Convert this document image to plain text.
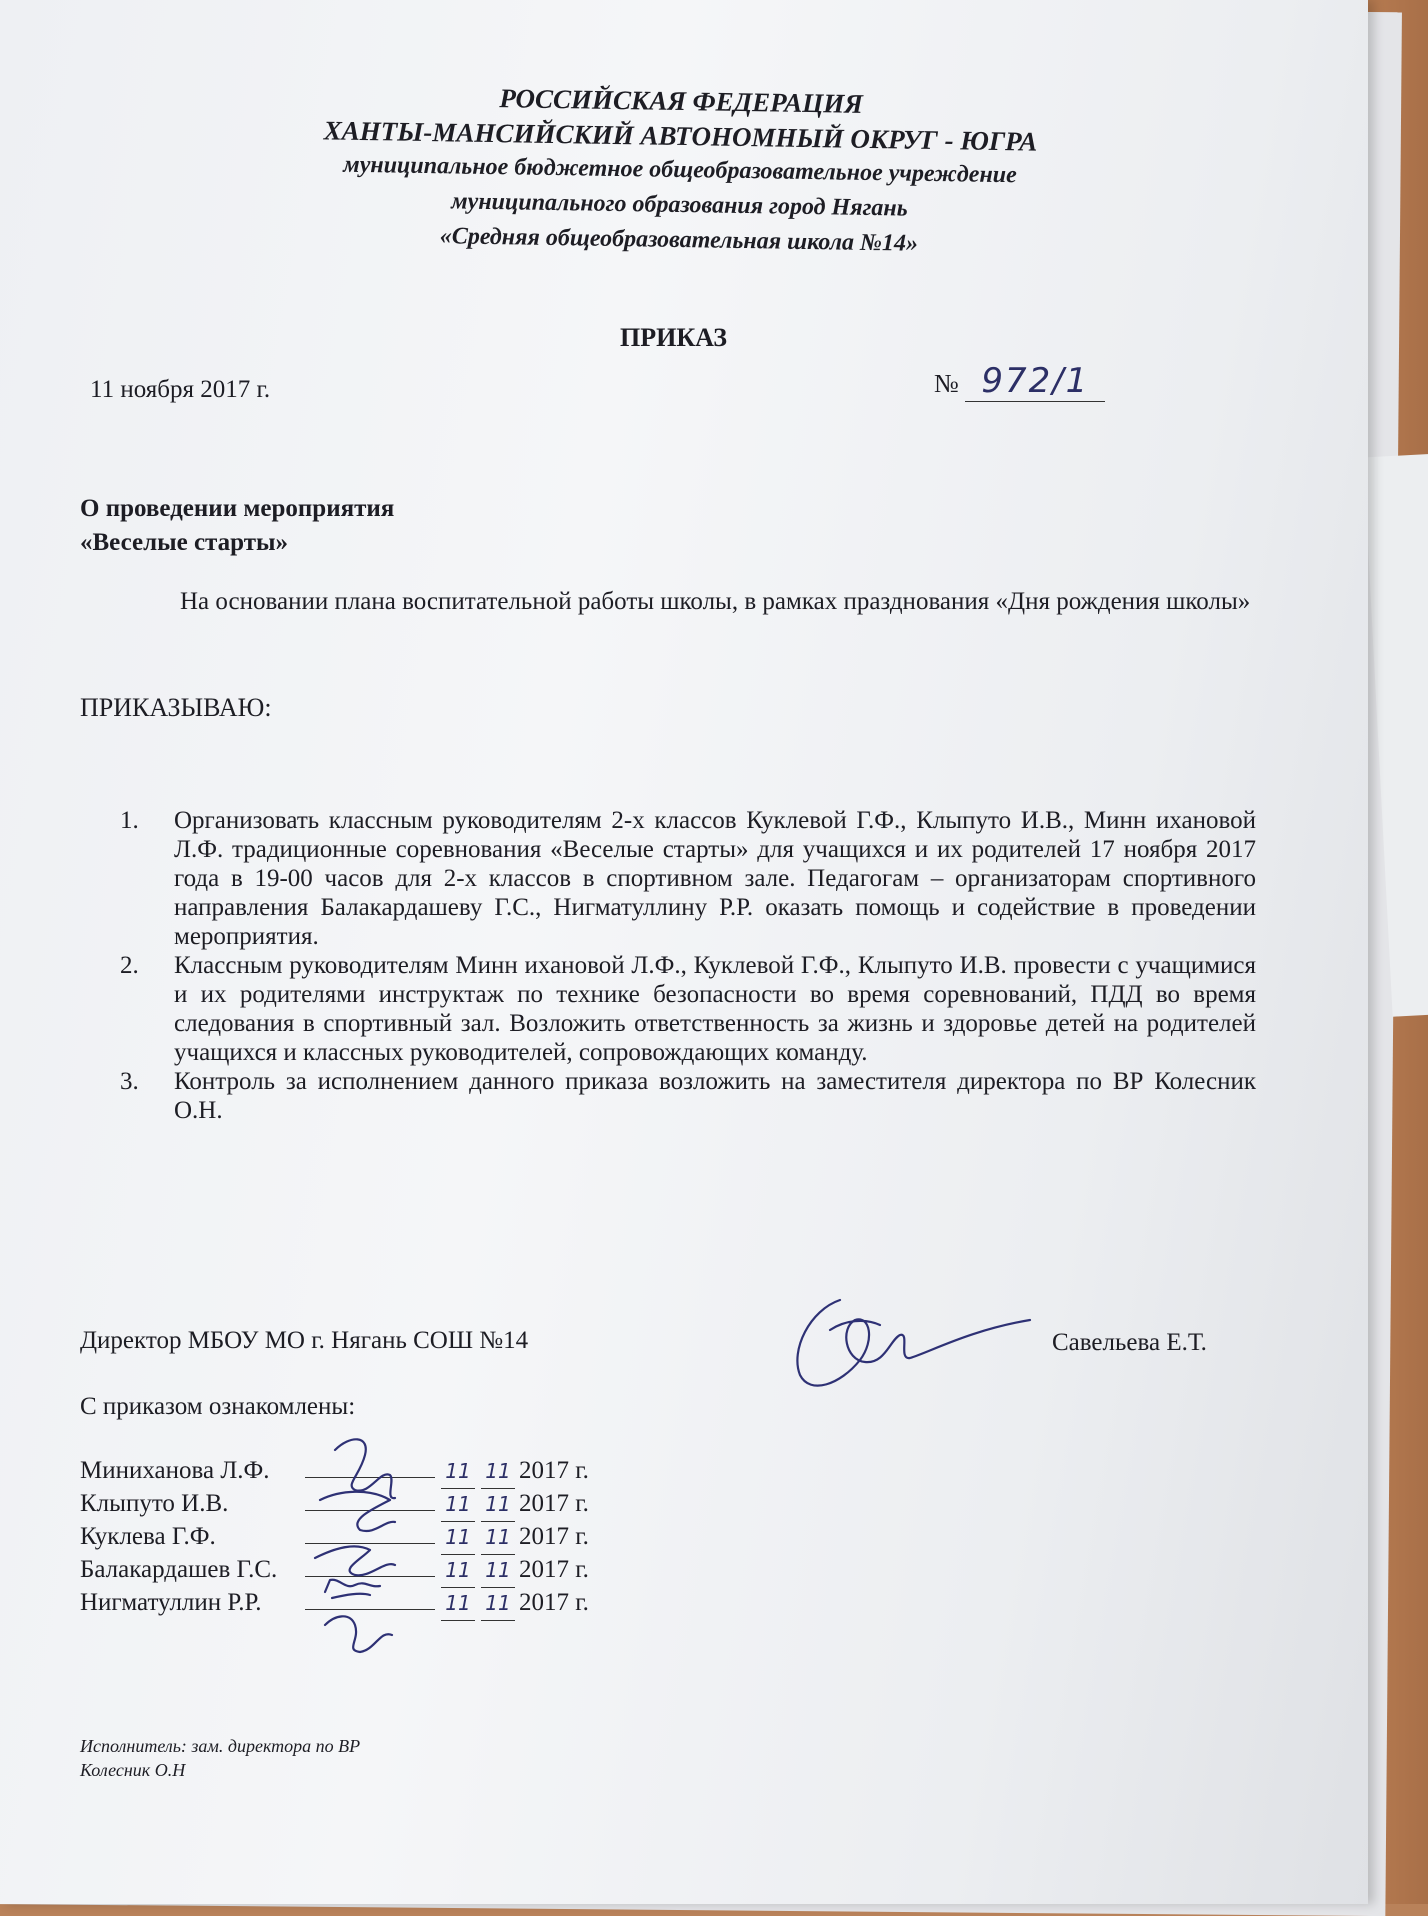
РОССИЙСКАЯ ФЕДЕРАЦИЯ
ХАНТЫ-МАНСИЙСКИЙ АВТОНОМНЫЙ ОКРУГ - ЮГРА
муниципальное бюджетное общеобразовательное учреждение
муниципального образования город Нягань
«Средняя общеобразовательная школа №14»
ПРИКАЗ
11 ноября 2017 г.	№ 972/1
О проведении мероприятия
«Веселые старты»
На основании плана воспитательной работы школы, в рамках празднования «Дня рождения школы»
ПРИКАЗЫВАЮ:
1. Организовать классным руководителям 2-х классов Куклевой Г.Ф., Клыпуто И.В., Минн ихановой Л.Ф. традиционные соревнования «Веселые старты» для учащихся и их родителей 17 ноября 2017 года в 19-00 часов для 2-х классов в спортивном зале. Педагогам – организаторам спортивного направления Балакардашеву Г.С., Нигматуллину Р.Р. оказать помощь и содействие в проведении мероприятия.
2. Классным руководителям Минн ихановой Л.Ф., Куклевой Г.Ф., Клыпуто И.В. провести с учащимися и их родителями инструктаж по технике безопасности во время соревнований, ПДД во время следования в спортивный зал. Возложить ответственность за жизнь и здоровье детей на родителей учащихся и классных руководителей, сопровождающих команду.
3. Контроль за исполнением данного приказа возложить на заместителя директора по ВР Колесник О.Н.
Директор МБОУ МО г. Нягань СОШ №14	Савельева Е.Т.
С приказом ознакомлены:
Миниханова Л.Ф.	11 11 2017 г.
Клыпуто И.В.	11 11 2017 г.
Куклева Г.Ф.	11 11 2017 г.
Балакардашев Г.С.	11 11 2017 г.
Нигматуллин Р.Р.	11 11 2017 г.
Исполнитель: зам. директора по ВР
Колесник О.Н
